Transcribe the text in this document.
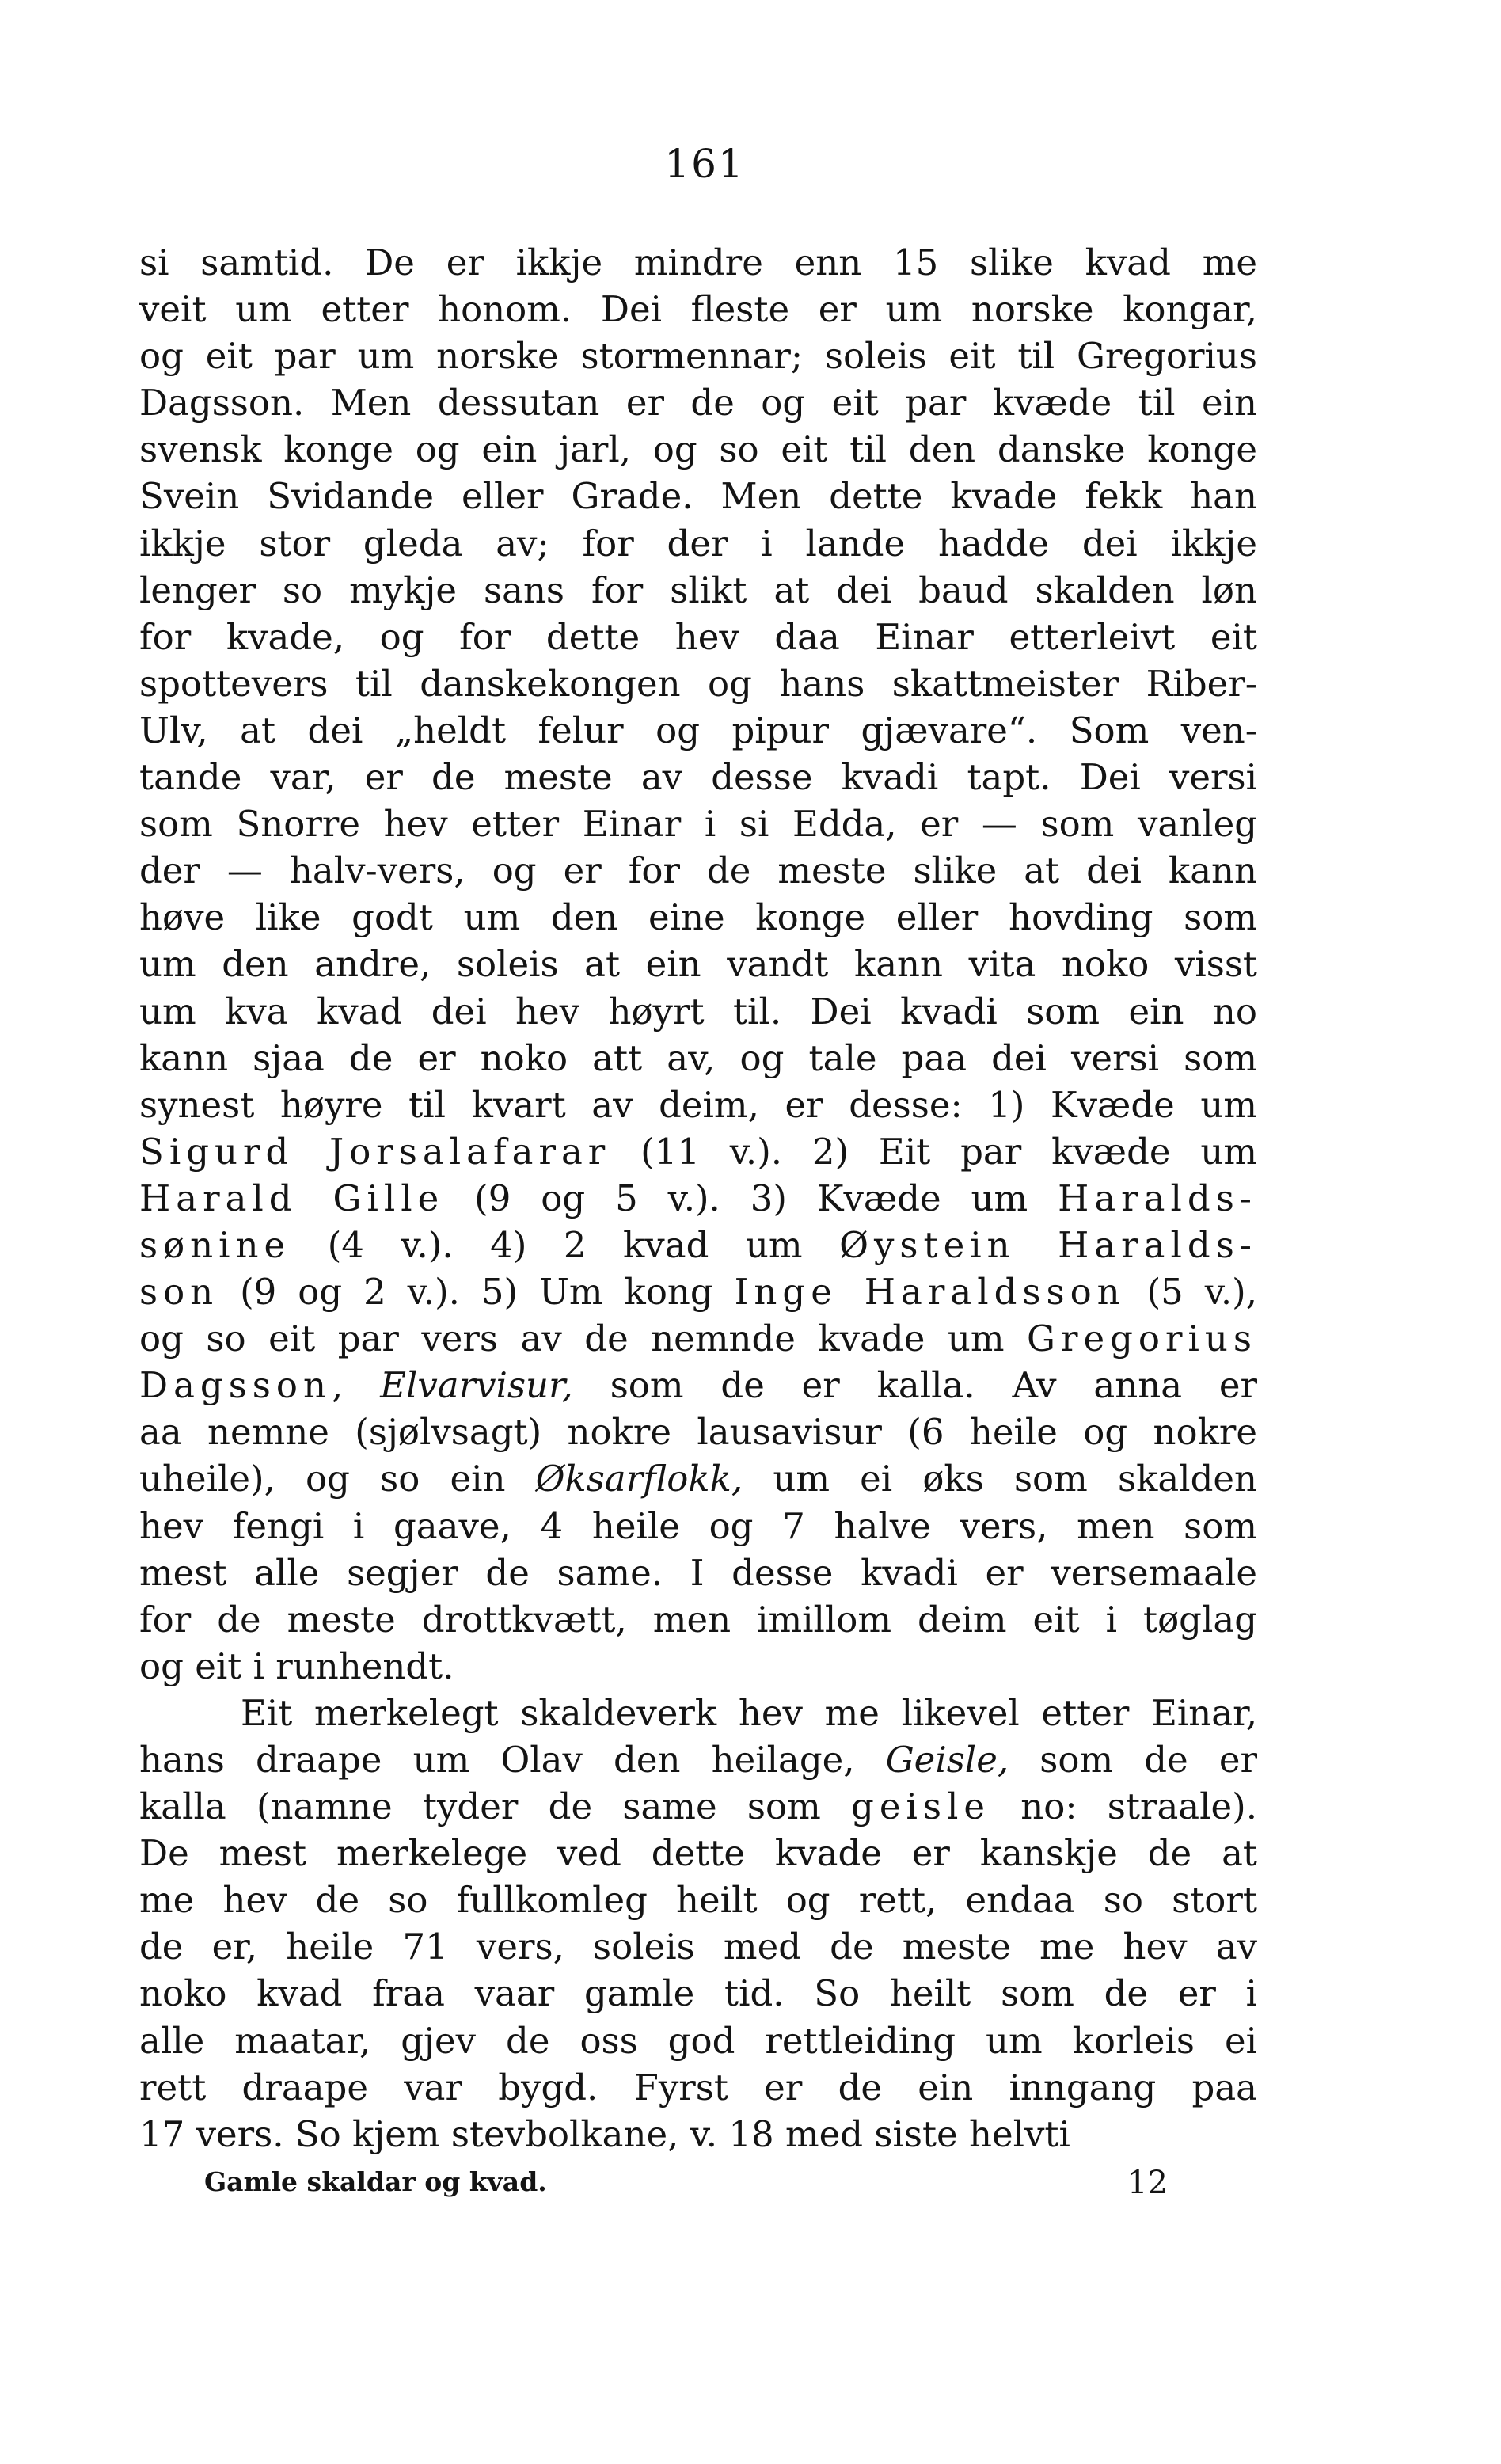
161
si samtid. De er ikkje mindre enn 15 slike kvad me
veit um etter honom. Dei fleste er um norske kongar,
og eit par um norske stormennar; soleis eit til Gregorius
Dagsson. Men dessutan er de og eit par kvæde til ein
svensk konge og ein jarl, og so eit til den danske konge
Svein Svidande eller Grade. Men dette kvade fekk han
ikkje stor gleda av; for der i lande hadde dei ikkje
lenger so mykje sans for slikt at dei baud skalden løn
for kvade, og for dette hev daa Einar etterleivt eit
spottevers til danskekongen og hans skattmeister Riber-
Ulv, at dei „heldt felur og pipur gjævare“. Som ven-
tande var, er de meste av desse kvadi tapt. Dei versi
som Snorre hev etter Einar i si Edda, er — som vanleg
der — halv-vers, og er for de meste slike at dei kann
høve like godt um den eine konge eller hovding som
um den andre, soleis at ein vandt kann vita noko visst
um kva kvad dei hev høyrt til. Dei kvadi som ein no
kann sjaa de er noko att av, og tale paa dei versi som
synest høyre til kvart av deim, er desse: 1) Kvæde um
Sigurd Jorsalafarar (11 v.). 2) Eit par kvæde um
Harald Gille (9 og 5 v.). 3) Kvæde um Haralds-
sønine (4 v.). 4) 2 kvad um Øystein Haralds-
son (9 og 2 v.). 5) Um kong Inge Haraldsson (5 v.),
og so eit par vers av de nemnde kvade um Gregorius
Dagsson, Elvarvisur, som de er kalla. Av anna er
aa nemne (sjølvsagt) nokre lausavisur (6 heile og nokre
uheile), og so ein Øksarflokk, um ei øks som skalden
hev fengi i gaave, 4 heile og 7 halve vers, men som
mest alle segjer de same. I desse kvadi er versemaale
for de meste drottkvætt, men imillom deim eit i tøglag
og eit i runhendt.
Eit merkelegt skaldeverk hev me likevel etter Einar,
hans draape um Olav den heilage, Geisle, som de er
kalla (namne tyder de same som geisle no: straale).
De mest merkelege ved dette kvade er kanskje de at
me hev de so fullkomleg heilt og rett, endaa so stort
de er, heile 71 vers, soleis med de meste me hev av
noko kvad fraa vaar gamle tid. So heilt som de er i
alle maatar, gjev de oss god rettleiding um korleis ei
rett draape var bygd. Fyrst er de ein inngang paa
17 vers. So kjem stevbolkane, v. 18 med siste helvti
Gamle skaldar og kvad.	12
